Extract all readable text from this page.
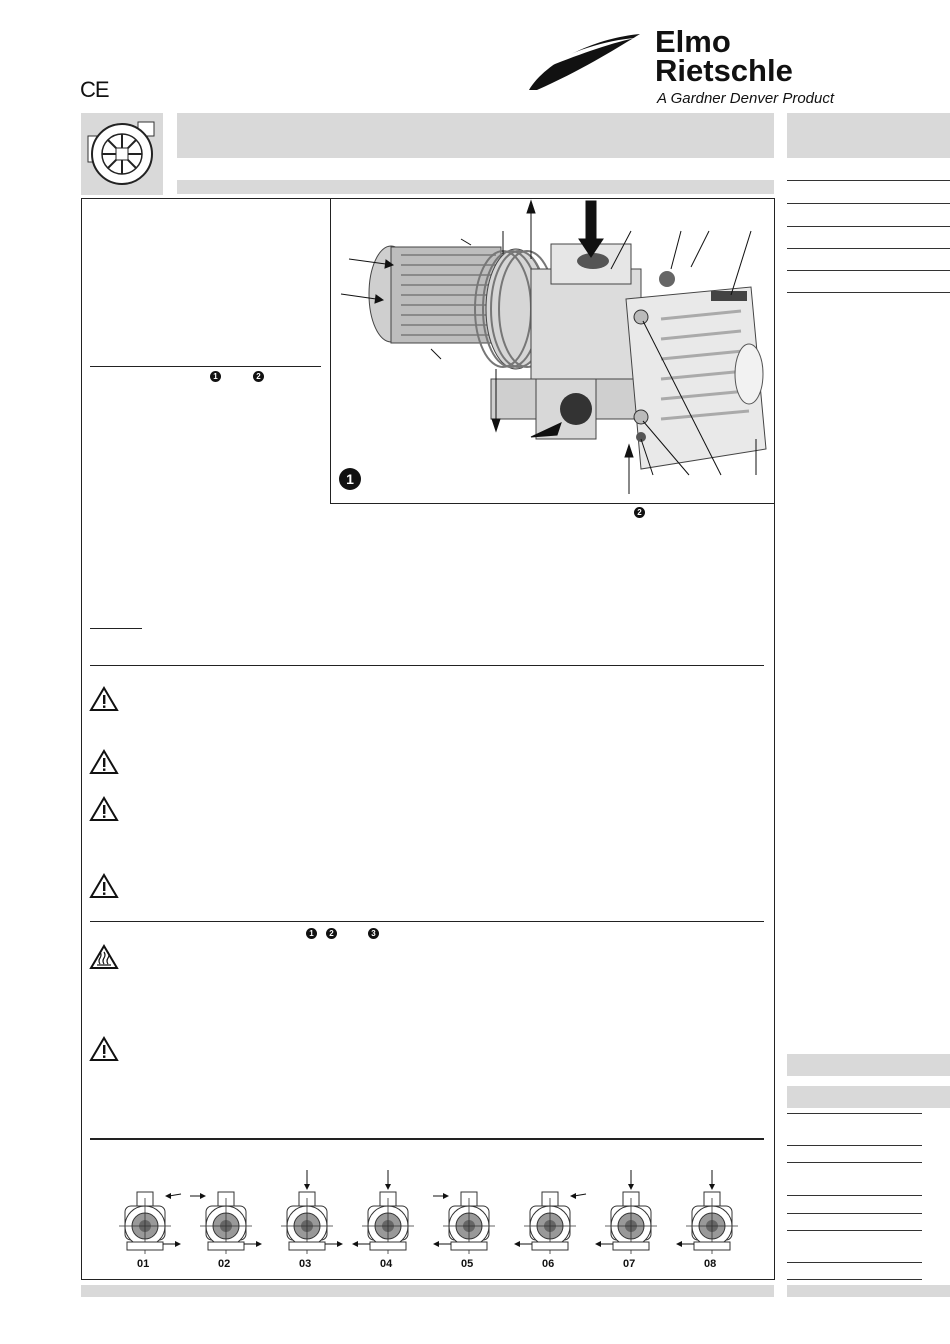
CE
Elmo
Rietschle
A Gardner Denver Product
1
2
1	2
1	2	3
01	02	03	04	05	06	07	08
